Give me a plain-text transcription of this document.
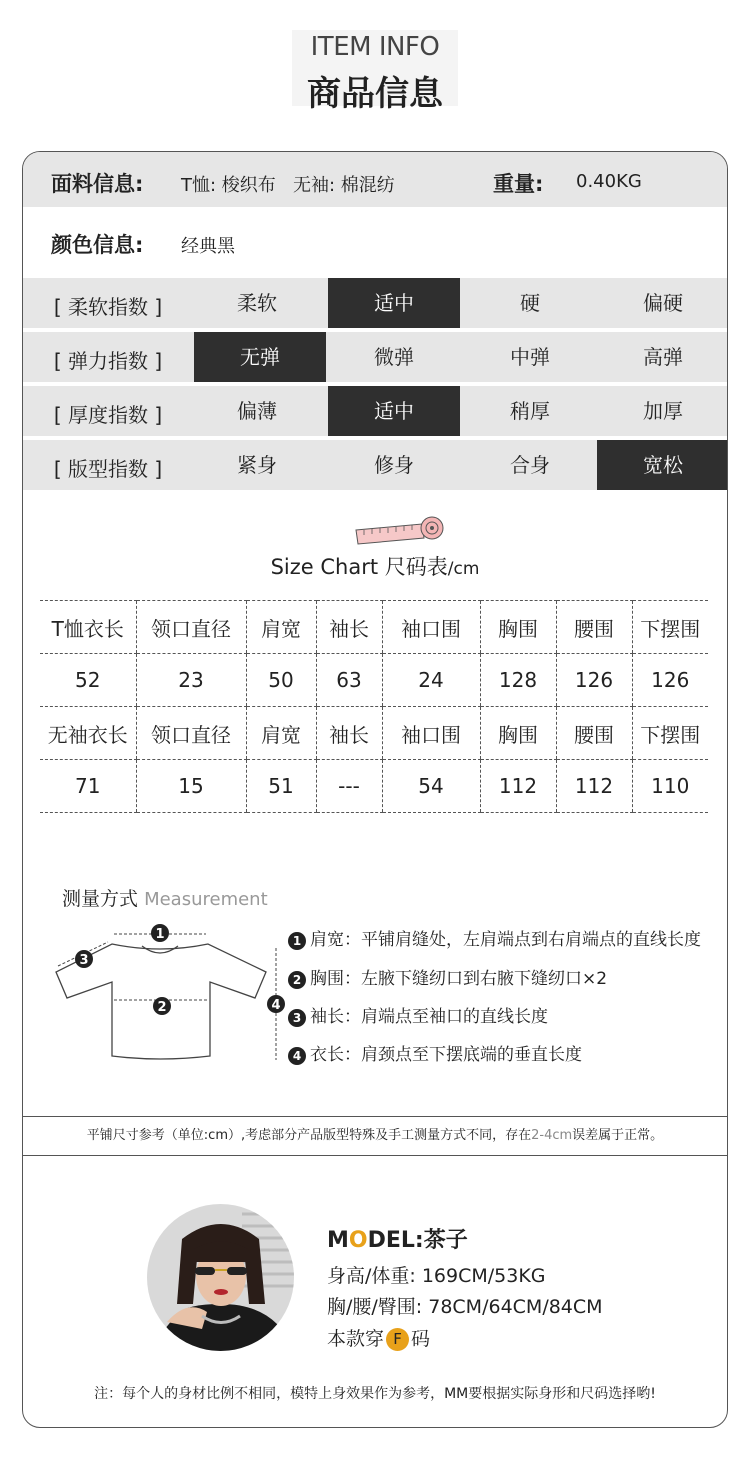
ITEM INFO
商品信息
面料信息: T恤: 梭织布   无袖: 棉混纺	重量: 0.40KG
颜色信息: 经典黑
[ 柔软指数 ]	柔软	适中	硬	偏硬
[ 弹力指数 ]	无弹	微弹	中弹	高弹
[ 厚度指数 ]	偏薄	适中	稍厚	加厚
[ 版型指数 ]	紧身	修身	合身	宽松
Size Chart 尺码表/cm
T恤衣长	领口直径	肩宽	袖长	袖口围	胸围	腰围	下摆围
52	23	50	63	24	128	126	126
无袖衣长	领口直径	肩宽	袖长	袖口围	胸围	腰围	下摆围
71	15	51	---	54	112	112	110
测量方式 Measurement
1
2
3
4
1 肩宽：平铺肩缝处，左肩端点到右肩端点的直线长度
2 胸围：左腋下缝纫口到右腋下缝纫口×2
3 袖长：肩端点至袖口的直线长度
4 衣长：肩颈点至下摆底端的垂直长度
平铺尺寸参考（单位:cm）,考虑部分产品版型特殊及手工测量方式不同，存在2-4cm误差属于正常。
MODEL:茶子
身高/体重: 169CM/53KG
胸/腰/臀围: 78CM/64CM/84CM
本款穿 F 码
注：每个人的身材比例不相同，模特上身效果作为参考，MM要根据实际身形和尺码选择哟!
